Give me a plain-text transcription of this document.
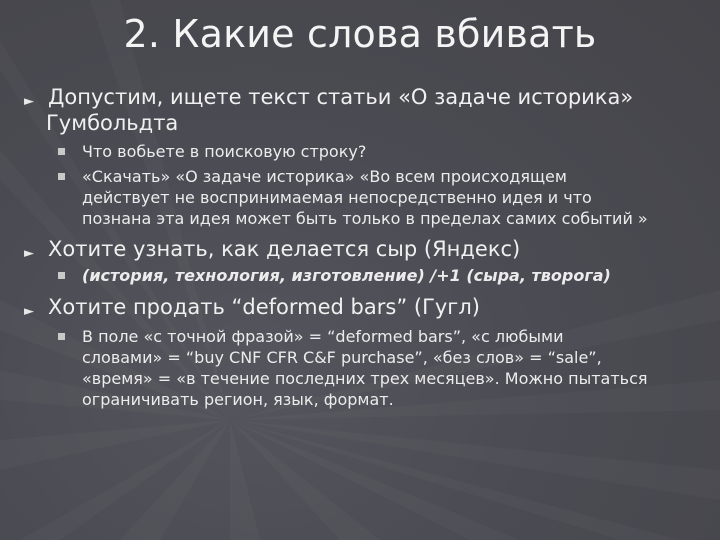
2. Какие слова вбивать
► Допустим, ищете текст статьи «О задаче историка»
Гумбольдта
Что вобьете в поисковую строку?
«Скачать» «О задаче историка» «Во всем происходящем
действует не воспринимаемая непосредственно идея и что
познана эта идея может быть только в пределах самих событий »
► Хотите узнать, как делается сыр (Яндекс)
(история, технология, изготовление) /+1 (сыра, творога)
► Хотите продать “deformed bars” (Гугл)
В поле «с точной фразой» = “deformed bars”, «с любыми
словами» = “buy CNF CFR C&F purchase”, «без слов» = “sale”,
«время» = «в течение последних трех месяцев». Можно пытаться
ограничивать регион, язык, формат.
